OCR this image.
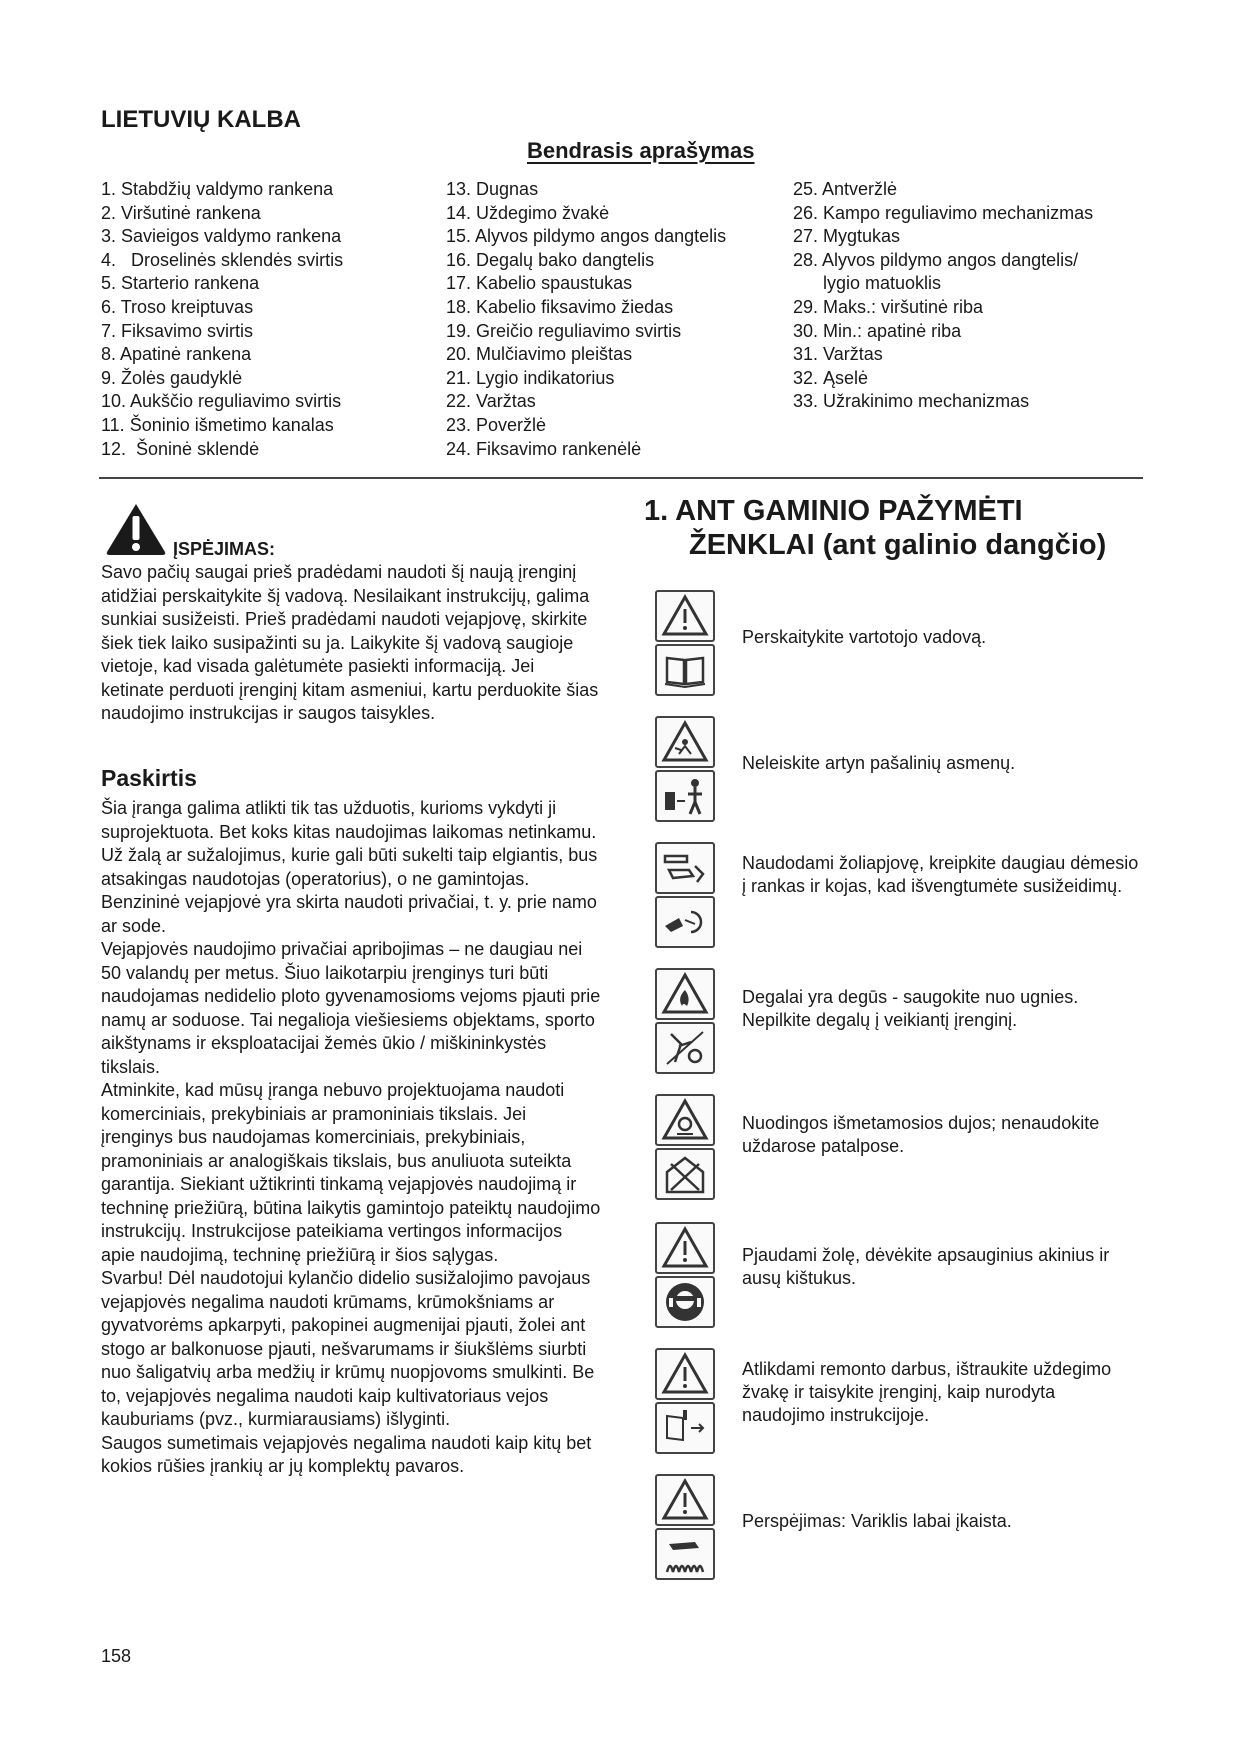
LIETUVIŲ KALBA
Bendrasis aprašymas
1. Stabdžių valdymo rankena
2. Viršutinė rankena
3. Savieigos valdymo rankena
4.   Droselinės sklendės svirtis
5. Starterio rankena
6. Troso kreiptuvas
7. Fiksavimo svirtis
8. Apatinė rankena
9. Žolės gaudyklė
10. Aukščio reguliavimo svirtis
11. Šoninio išmetimo kanalas
12.  Šoninė sklendė
13. Dugnas
14. Uždegimo žvakė
15. Alyvos pildymo angos dangtelis
16. Degalų bako dangtelis
17. Kabelio spaustukas
18. Kabelio fiksavimo žiedas
19. Greičio reguliavimo svirtis
20. Mulčiavimo pleištas
21. Lygio indikatorius
22. Varžtas
23. Poveržlė
24. Fiksavimo rankenėlė
25. Antveržlė
26. Kampo reguliavimo mechanizmas
27. Mygtukas
28. Alyvos pildymo angos dangtelis/
lygio matuoklis
29. Maks.: viršutinė riba
30. Min.: apatinė riba
31. Varžtas
32. Ąselė
33. Užrakinimo mechanizmas
ĮSPĖJIMAS:
Savo pačių saugai prieš pradėdami naudoti šį naują įrenginį atidžiai perskaitykite šį vadovą. Nesilaikant instrukcijų, galima sunkiai susižeisti. Prieš pradėdami naudoti vejapjovę, skirkite šiek tiek laiko susipažinti su ja. Laikykite šį vadovą saugioje vietoje, kad visada galėtumėte pasiekti informaciją. Jei ketinate perduoti įrenginį kitam asmeniui, kartu perduokite šias naudojimo instrukcijas ir saugos taisykles.
Paskirtis

Šia įranga galima atlikti tik tas užduotis, kurioms vykdyti ji suprojektuota. Bet koks kitas naudojimas laikomas netinkamu. Už žalą ar sužalojimus, kurie gali būti sukelti taip elgiantis, bus atsakingas naudotojas (operatorius), o ne gamintojas.

Benzininė vejapjovė yra skirta naudoti privačiai, t. y. prie namo ar sode.

Vejapjovės naudojimo privačiai apribojimas – ne daugiau nei 50 valandų per metus. Šiuo laikotarpiu įrenginys turi būti naudojamas nedidelio ploto gyvenamosioms vejoms pjauti prie namų ar soduose. Tai negalioja viešiesiems objektams, sporto aikštynams ir eksploatacijai žemės ūkio / miškininkystės tikslais.

Atminkite, kad mūsų įranga nebuvo projektuojama naudoti komerciniais, prekybiniais ar pramoniniais tikslais. Jei įrenginys bus naudojamas komerciniais, prekybiniais, pramoniniais ar analogiškais tikslais, bus anuliuota suteikta garantija. Siekiant užtikrinti tinkamą vejapjovės naudojimą ir techninę priežiūrą, būtina laikytis gamintojo pateiktų naudojimo instrukcijų. Instrukcijose pateikiama vertingos informacijos apie naudojimą, techninę priežiūrą ir šios sąlygas.

Svarbu! Dėl naudotojui kylančio didelio susižalojimo pavojaus vejapjovės negalima naudoti krūmams, krūmokšniams ar gyvatvorėms apkarpyti, pakopinei augmenijai pjauti, žolei ant stogo ar balkonuose pjauti, nešvarumams ir šiukšlėms siurbti nuo šaligatvių arba medžių ir krūmų nuopjovoms smulkinti. Be to, vejapjovės negalima naudoti kaip kultivatoriaus vejos kauburiams (pvz., kurmiarausiams) išlyginti.

Saugos sumetimais vejapjovės negalima naudoti kaip kitų bet kokios rūšies įrankių ar jų komplektų pavaros.

1. ANT GAMINIO PAŽYMĖTI
ŽENKLAI (ant galinio dangčio)
Perskaitykite vartotojo vadovą.
Neleiskite artyn pašalinių asmenų.
Naudodami žoliapjovę, kreipkite daugiau dėmesio į rankas ir kojas, kad išvengtumėte susižeidimų.
Degalai yra degūs - saugokite nuo ugnies. Nepilkite degalų į veikiantį įrenginį.
Nuodingos išmetamosios dujos; nenaudokite uždarose patalpose.
Pjaudami žolę, dėvėkite apsauginius akinius ir ausų kištukus.
Atlikdami remonto darbus, ištraukite uždegimo žvakę ir taisykite įrenginį, kaip nurodyta naudojimo instrukcijoje.
Perspėjimas: Variklis labai įkaista.
158
